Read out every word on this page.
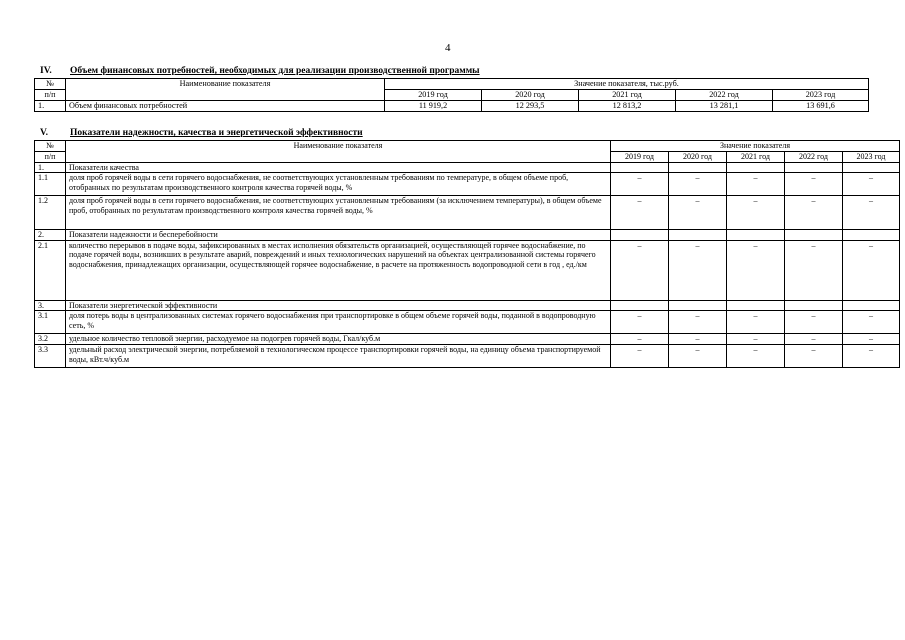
4
IV. Объем финансовых потребностей, необходимых для реализации производственной программы
№	Наименование показателя	Значение показателя, тыс.руб.				
п/п		2019 год	2020 год	2021 год	2022 год	2023 год
1.	Объем финансовых потребностей	11 919,2	12 293,5	12 813,2	13 281,1	13 691,6
V. Показатели надежности, качества и энергетической эффективности
№	Наименование показателя	Значение показателя				
п/п		2019 год	2020 год	2021 год	2022 год	2023 год
1.	Показатели качества					
1.1	доля проб горячей воды в сети горячего водоснабжения, не соответствующих установленным требованиям по температуре, в общем объеме проб, отобранных по результатам производственного контроля качества горячей воды, %	–	–	–	–	–
1.2	доля проб горячей воды в сети горячего водоснабжения, не соответствующих установленным требованиям (за исключением температуры), в общем объеме проб, отобранных по результатам производственного контроля качества горячей воды, %	–	–	–	–	–
2.	Показатели надежности и бесперебойности					
2.1	количество перерывов в подаче воды, зафиксированных в местах исполнения обязательств организацией, осуществляющей горячее водоснабжение, по подаче горячей воды, возникших в результате аварий, повреждений и иных технологических нарушений на объектах централизованной системы горячего водоснабжения, принадлежащих организации, осуществляющей горячее водоснабжение, в расчете на протяженность водопроводной сети в год , ед./км	–	–	–	–	–
3.	Показатели энергетической эффективности					
3.1	доля потерь воды в централизованных системах горячего водоснабжения при транспортировке в общем объеме горячей воды, поданной в водопроводную сеть, %	–	–	–	–	–
3.2	удельное количество тепловой энергии, расходуемое на подогрев горячей воды, Гкал/куб.м	–	–	–	–	–
3.3	удельный расход электрической энергии, потребляемой в технологическом процессе транспортировки горячей воды, на единицу объема транспортируемой воды, кВт.ч/куб.м	–	–	–	–	–
